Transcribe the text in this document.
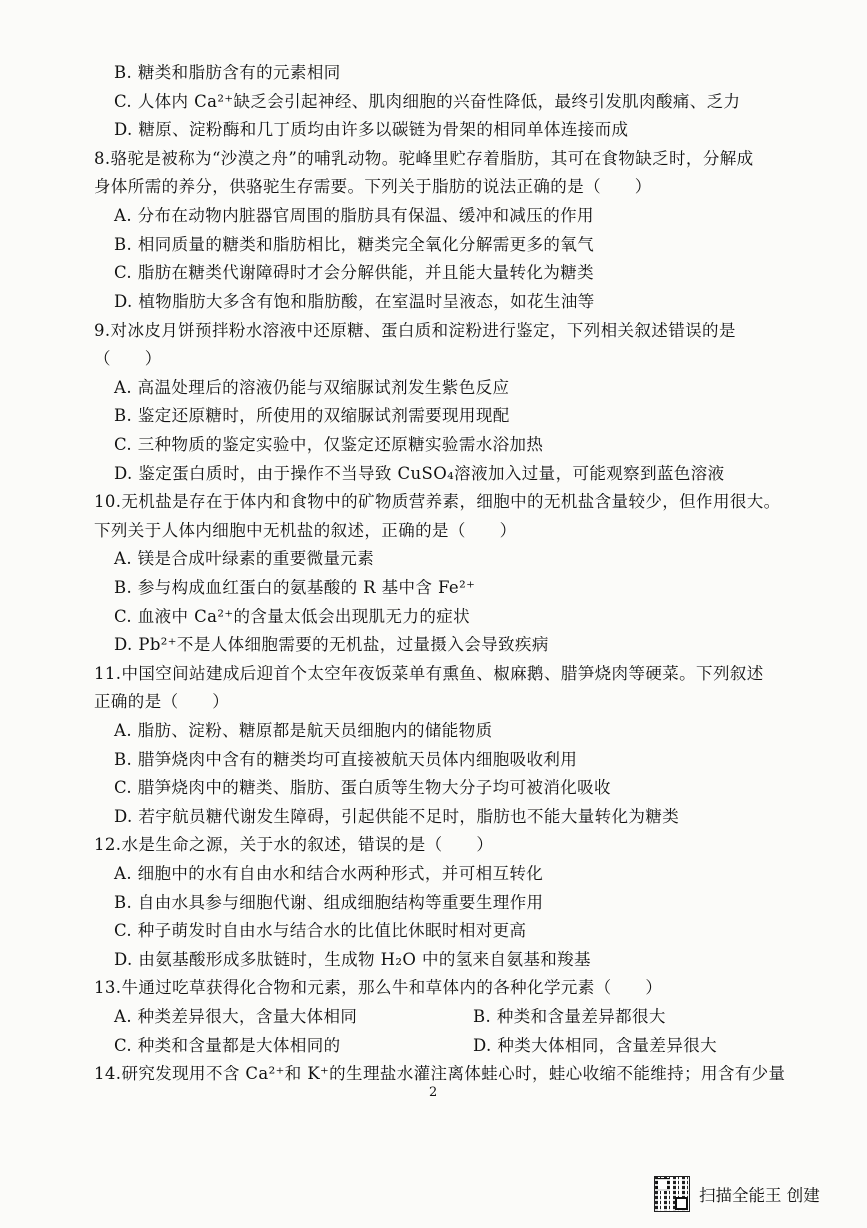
B. 糖类和脂肪含有的元素相同
C. 人体内 Ca²⁺缺乏会引起神经、肌肉细胞的兴奋性降低，最终引发肌肉酸痛、乏力
D. 糖原、淀粉酶和几丁质均由许多以碳链为骨架的相同单体连接而成
8.骆驼是被称为“沙漠之舟”的哺乳动物。驼峰里贮存着脂肪，其可在食物缺乏时，分解成
身体所需的养分，供骆驼生存需要。下列关于脂肪的说法正确的是（　　）
A. 分布在动物内脏器官周围的脂肪具有保温、缓冲和减压的作用
B. 相同质量的糖类和脂肪相比，糖类完全氧化分解需更多的氧气
C. 脂肪在糖类代谢障碍时才会分解供能，并且能大量转化为糖类
D. 植物脂肪大多含有饱和脂肪酸，在室温时呈液态，如花生油等
9.对冰皮月饼预拌粉水溶液中还原糖、蛋白质和淀粉进行鉴定，下列相关叙述错误的是
（　　）
A. 高温处理后的溶液仍能与双缩脲试剂发生紫色反应
B. 鉴定还原糖时，所使用的双缩脲试剂需要现用现配
C. 三种物质的鉴定实验中，仅鉴定还原糖实验需水浴加热
D. 鉴定蛋白质时，由于操作不当导致 CuSO₄溶液加入过量，可能观察到蓝色溶液
10.无机盐是存在于体内和食物中的矿物质营养素，细胞中的无机盐含量较少，但作用很大。
下列关于人体内细胞中无机盐的叙述，正确的是（　　）
A. 镁是合成叶绿素的重要微量元素
B. 参与构成血红蛋白的氨基酸的 R 基中含 Fe²⁺
C. 血液中 Ca²⁺的含量太低会出现肌无力的症状
D. Pb²⁺不是人体细胞需要的无机盐，过量摄入会导致疾病
11.中国空间站建成后迎首个太空年夜饭菜单有熏鱼、椒麻鹅、腊笋烧肉等硬菜。下列叙述
正确的是（　　）
A. 脂肪、淀粉、糖原都是航天员细胞内的储能物质
B. 腊笋烧肉中含有的糖类均可直接被航天员体内细胞吸收利用
C. 腊笋烧肉中的糖类、脂肪、蛋白质等生物大分子均可被消化吸收
D. 若宇航员糖代谢发生障碍，引起供能不足时，脂肪也不能大量转化为糖类
12.水是生命之源，关于水的叙述，错误的是（　　）
A. 细胞中的水有自由水和结合水两种形式，并可相互转化
B. 自由水具参与细胞代谢、组成细胞结构等重要生理作用
C. 种子萌发时自由水与结合水的比值比休眠时相对更高
D. 由氨基酸形成多肽链时，生成物 H₂O 中的氢来自氨基和羧基
13.牛通过吃草获得化合物和元素，那么牛和草体内的各种化学元素（　　）
A. 种类差异很大，含量大体相同
C. 种类和含量都是大体相同的
14.研究发现用不含 Ca²⁺和 K⁺的生理盐水灌注离体蛙心时，蛙心收缩不能维持；用含有少量
B. 种类和含量差异都很大
D. 种类大体相同，含量差异很大
2
扫描全能王 创建
